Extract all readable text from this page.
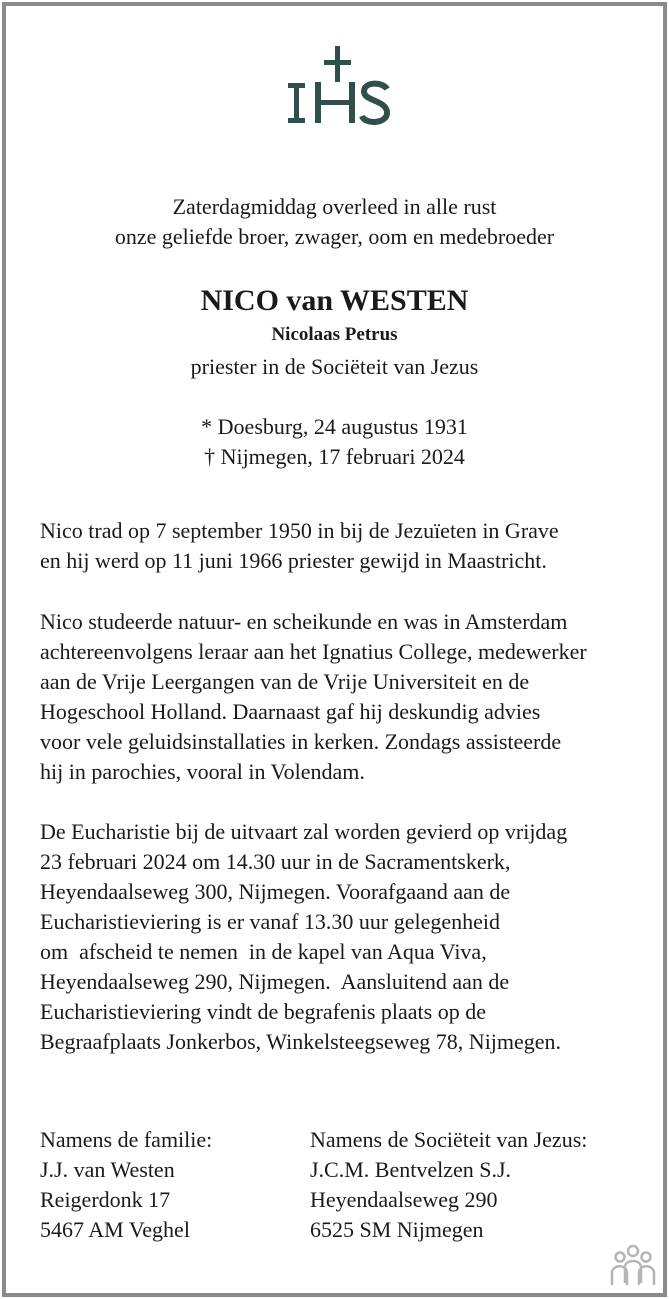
Zaterdagmiddag overleed in alle rust
onze geliefde broer, zwager, oom en medebroeder
NICO van WESTEN
Nicolaas Petrus
priester in de Sociëteit van Jezus
* Doesburg, 24 augustus 1931
† Nijmegen, 17 februari 2024
Nico trad op 7 september 1950 in bij de Jezuïeten in Grave
en hij werd op 11 juni 1966 priester gewijd in Maastricht.
Nico studeerde natuur- en scheikunde en was in Amsterdam
achtereenvolgens leraar aan het Ignatius College, medewerker
aan de Vrije Leergangen van de Vrije Universiteit en de
Hogeschool Holland. Daarnaast gaf hij deskundig advies
voor vele geluidsinstallaties in kerken. Zondags assisteerde
hij in parochies, vooral in Volendam.
De Eucharistie bij de uitvaart zal worden gevierd op vrijdag
23 februari 2024 om 14.30 uur in de Sacramentskerk,
Heyendaalseweg 300, Nijmegen. Voorafgaand aan de
Eucharistieviering is er vanaf 13.30 uur gelegenheid
om  afscheid te nemen  in de kapel van Aqua Viva,
Heyendaalseweg 290, Nijmegen.  Aansluitend aan de
Eucharistieviering vindt de begrafenis plaats op de
Begraafplaats Jonkerbos, Winkelsteegseweg 78, Nijmegen.
Namens de familie:
J.J. van Westen
Reigerdonk 17
5467 AM Veghel
Namens de Sociëteit van Jezus:
J.C.M. Bentvelzen S.J.
Heyendaalseweg 290
6525 SM Nijmegen
